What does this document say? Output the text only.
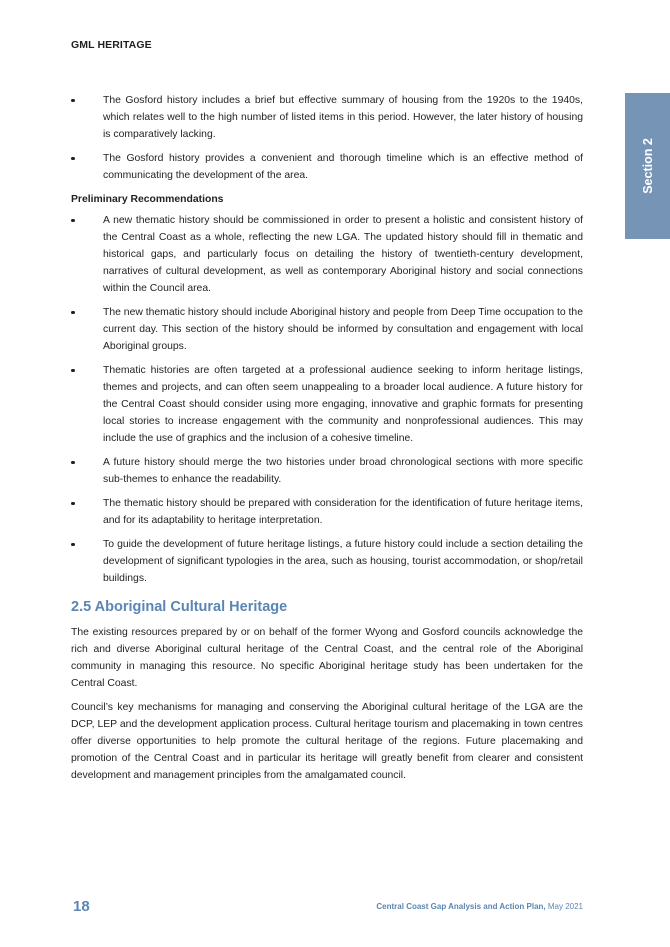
GML HERITAGE
Section 2
The Gosford history includes a brief but effective summary of housing from the 1920s to the 1940s, which relates well to the high number of listed items in this period. However, the later history of housing is comparatively lacking.
The Gosford history provides a convenient and thorough timeline which is an effective method of communicating the development of the area.
Preliminary Recommendations
A new thematic history should be commissioned in order to present a holistic and consistent history of the Central Coast as a whole, reflecting the new LGA. The updated history should fill in thematic and historical gaps, and particularly focus on detailing the history of twentieth-century development, narratives of cultural development, as well as contemporary Aboriginal history and social connections within the Council area.
The new thematic history should include Aboriginal history and people from Deep Time occupation to the current day. This section of the history should be informed by consultation and engagement with local Aboriginal groups.
Thematic histories are often targeted at a professional audience seeking to inform heritage listings, themes and projects, and can often seem unappealing to a broader local audience. A future history for the Central Coast should consider using more engaging, innovative and graphic formats for presenting local stories to increase engagement with the community and nonprofessional audiences. This may include the use of graphics and the inclusion of a cohesive timeline.
A future history should merge the two histories under broad chronological sections with more specific sub-themes to enhance the readability.
The thematic history should be prepared with consideration for the identification of future heritage items, and for its adaptability to heritage interpretation.
To guide the development of future heritage listings, a future history could include a section detailing the development of significant typologies in the area, such as housing, tourist accommodation, or shop/retail buildings.
2.5 Aboriginal Cultural Heritage

The existing resources prepared by or on behalf of the former Wyong and Gosford councils acknowledge the rich and diverse Aboriginal cultural heritage of the Central Coast, and the central role of the Aboriginal community in managing this resource. No specific Aboriginal heritage study has been undertaken for the Central Coast.

Council’s key mechanisms for managing and conserving the Aboriginal cultural heritage of the LGA are the DCP, LEP and the development application process. Cultural heritage tourism and placemaking in town centres offer diverse opportunities to help promote the cultural heritage of the regions. Future placemaking and promotion of the Central Coast and in particular its heritage will greatly benefit from clearer and consistent development and management principles from the amalgamated council.

18	Central Coast Gap Analysis and Action Plan, May 2021
